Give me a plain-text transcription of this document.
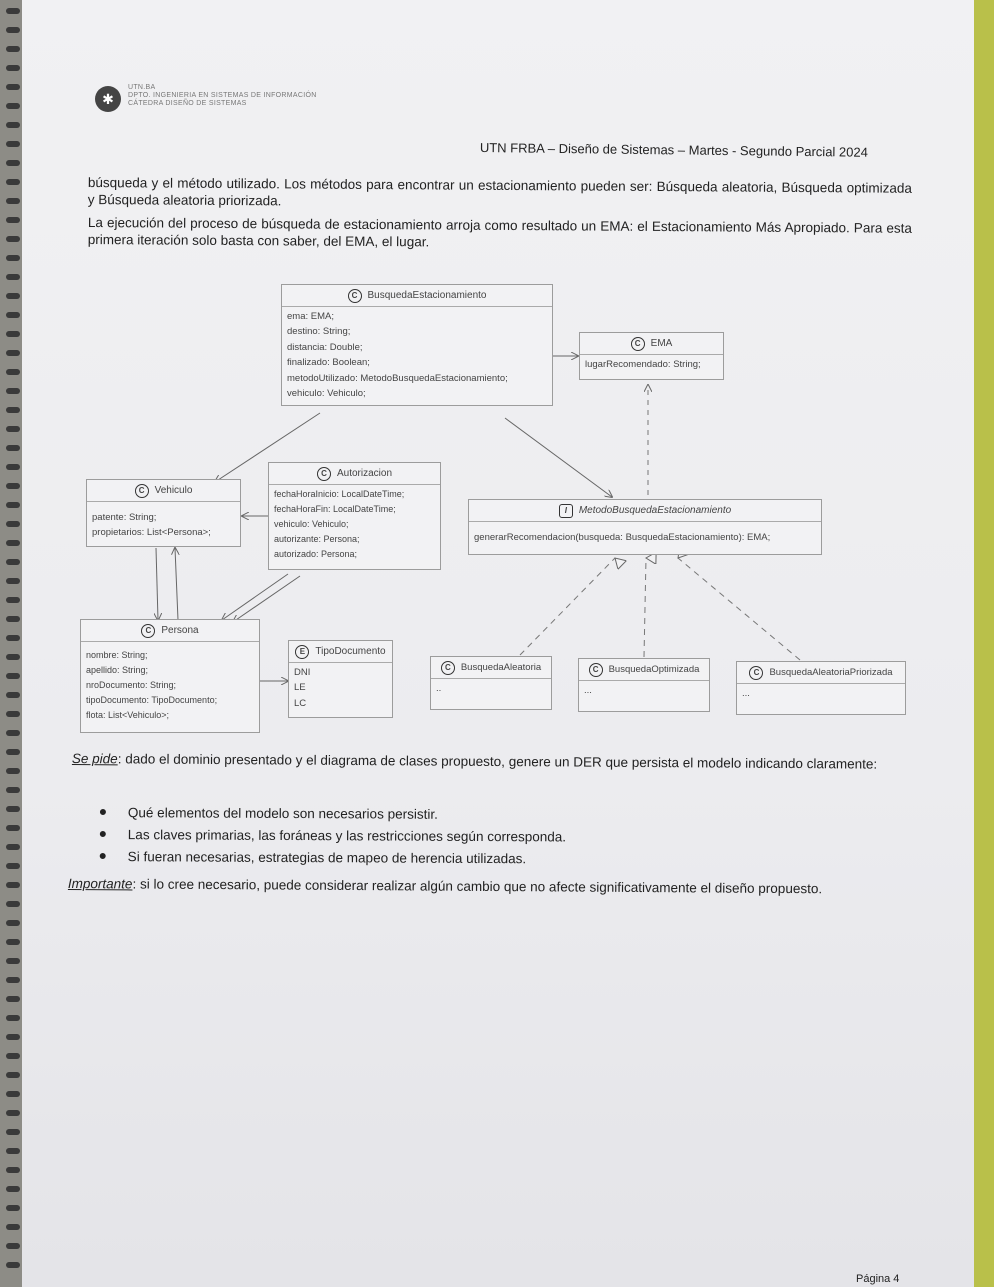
✱
UTN.BA
DPTO. INGENIERIA EN SISTEMAS DE INFORMACIÓN
CÁTEDRA DISEÑO DE SISTEMAS
UTN FRBA – Diseño de Sistemas – Martes - Segundo Parcial 2024
búsqueda y el método utilizado. Los métodos para encontrar un estacionamiento pueden ser: Búsqueda aleatoria, Búsqueda optimizada y Búsqueda aleatoria priorizada.
La ejecución del proceso de búsqueda de estacionamiento arroja como resultado un EMA: el Estacionamiento Más Apropiado. Para esta primera iteración solo basta con saber, del EMA, el lugar.
C BusquedaEstacionamiento
ema: EMA;
destino: String;
distancia: Double;
finalizado: Boolean;
metodoUtilizado: MetodoBusquedaEstacionamiento;
vehiculo: Vehiculo;
C EMA
lugarRecomendado: String;
C Autorizacion
fechaHoraInicio: LocalDateTime;
fechaHoraFin: LocalDateTime;
vehiculo: Vehiculo;
autorizante: Persona;
autorizado: Persona;
C Vehiculo
patente: String;
propietarios: List<Persona>;
I MetodoBusquedaEstacionamiento
generarRecomendacion(busqueda: BusquedaEstacionamiento): EMA;
C Persona
nombre: String;
apellido: String;
nroDocumento: String;
tipoDocumento: TipoDocumento;
flota: List<Vehiculo>;
E TipoDocumento
DNI
LE
LC
C BusquedaAleatoria
..
C BusquedaOptimizada
...
C BusquedaAleatoriaPriorizada
...
Se pide: dado el dominio presentado y el diagrama de clases propuesto, genere un DER que persista el modelo indicando claramente:
Qué elementos del modelo son necesarios persistir.
Las claves primarias, las foráneas y las restricciones según corresponda.
Si fueran necesarias, estrategias de mapeo de herencia utilizadas.
Importante: si lo cree necesario, puede considerar realizar algún cambio que no afecte significativamente el diseño propuesto.
Página 4
